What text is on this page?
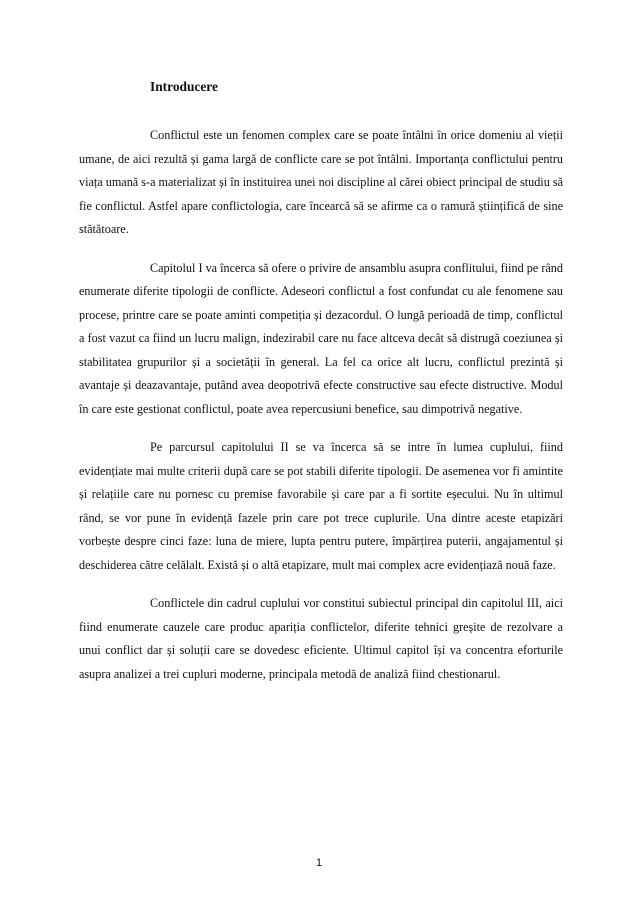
Introducere

Conflictul este un fenomen complex care se poate întâlni în orice domeniu al vieții umane, de aici rezultă și gama largă de conflicte care se pot întâlni. Importanța conflictului pentru viața umană s-a materializat și în instituirea unei noi discipline al cărei obiect principal de studiu să fie conflictul. Astfel apare conflictologia, care încearcă să se afirme ca o ramură științifică de sine stătătoare.

Capitolul I va încerca să ofere o privire de ansamblu asupra conflitului, fiind pe rând enumerate diferite tipologii de conflicte. Adeseori conflictul a fost confundat cu ale fenomene sau procese, printre care se poate aminti competiția și dezacordul. O lungă perioadă de timp, conflictul a fost vazut ca fiind un lucru malign, indezirabil care nu face altceva decât să distrugă coeziunea și stabilitatea grupurilor și a societății în general. La fel ca orice alt lucru, conflictul prezintă și avantaje și deazavantaje, putând avea deopotrivă efecte constructive sau efecte distructive. Modul în care este gestionat conflictul, poate avea repercusiuni benefice, sau dimpotrivă negative.

Pe parcursul capitolului II se va încerca să se intre în lumea cuplului, fiind evidențiate mai multe criterii după care se pot stabili diferite tipologii. De asemenea vor fi amintite și relațiile care nu pornesc cu premise favorabile și care par a fi sortite eșecului. Nu în ultimul rând, se vor pune în evidență fazele prin care pot trece cuplurile. Una dintre aceste etapizări vorbește despre cinci faze: luna de miere, lupta pentru putere, împărțirea puterii, angajamentul și deschiderea către celălalt. Există și o altă etapizare, mult mai complex acre evidențiază nouă faze.

Conflictele din cadrul cuplului vor constitui subiectul principal din capitolul III, aici fiind enumerate cauzele care produc apariția conflictelor, diferite tehnici greșite de rezolvare a unui conflict dar și soluții care se dovedesc eficiente. Ultimul capitol își va concentra eforturile asupra analizei a trei cupluri moderne, principala metodă de analiză fiind chestionarul.

1
